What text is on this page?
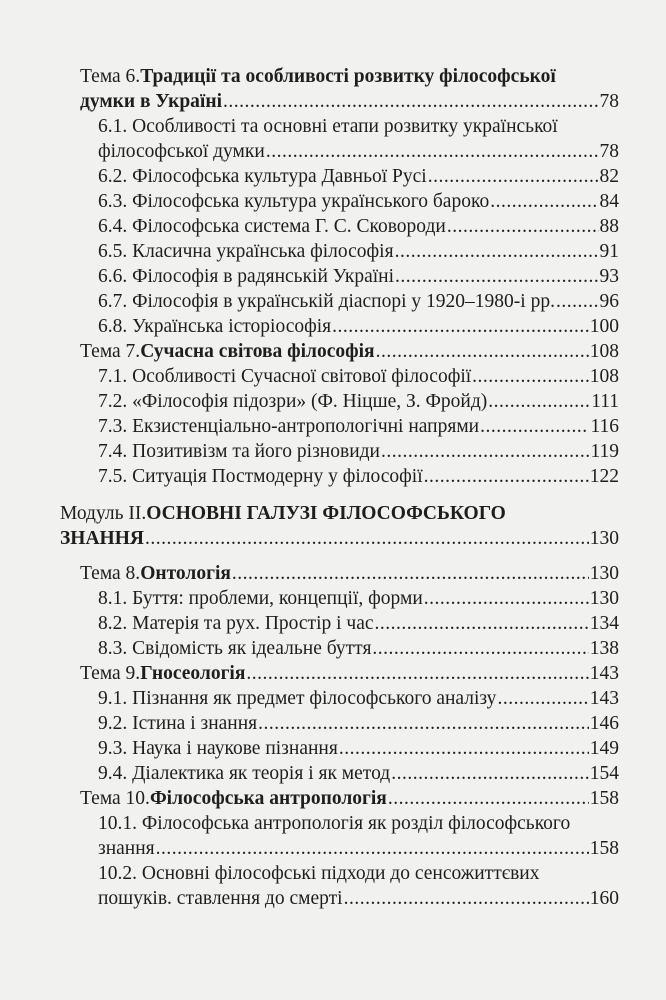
Тема 6. Традиції та особливості розвитку філософської
думки в Україні .....	78
6.1. Особливості та основні етапи розвитку української
філософської думки .....	78
6.2. Філософська культура Давньої Русі .....	82
6.3. Філософська культура українського бароко .....	84
6.4. Філософська система Г. С. Сковороди .....	88
6.5. Класична українська філософія .....	91
6.6. Філософія в радянській Україні .....	93
6.7. Філософія в українській діаспорі у 1920–1980-і рр. ..... 96
6.8. Українська історіософія .....	100
Тема 7. Сучасна світова філософія .....	108
7.1. Особливості Сучасної світової філософії .....	108
7.2. «Філософія підозри» (Ф. Ніцше, З. Фройд) .....	111
7.3. Екзистенціально-антропологічні напрями .....	116
7.4. Позитивізм та його різновиди .....	119
7.5. Ситуація Постмодерну у філософії .....	122
Модуль ІІ. ОСНОВНІ ГАЛУЗІ ФІЛОСОФСЬКОГО
ЗНАННЯ .....	130
Тема 8. Онтологія .....	130
8.1. Буття: проблеми, концепції, форми .....	130
8.2. Матерія та рух. Простір і час .....	134
8.3. Свідомість як ідеальне буття .....	138
Тема 9. Гносеологія .....	143
9.1. Пізнання як предмет філософського аналізу .....	143
9.2. Істина і знання .....	146
9.3. Наука і наукове пізнання .....	149
9.4. Діалектика як теорія і як метод .....	154
Тема 10. Філософська антропологія .....	158
10.1. Філософська антропологія як розділ філософського
знання .....	158
10.2. Основні філософські підходи до сенсожиттєвих
пошуків. ставлення до смерті .....	160
